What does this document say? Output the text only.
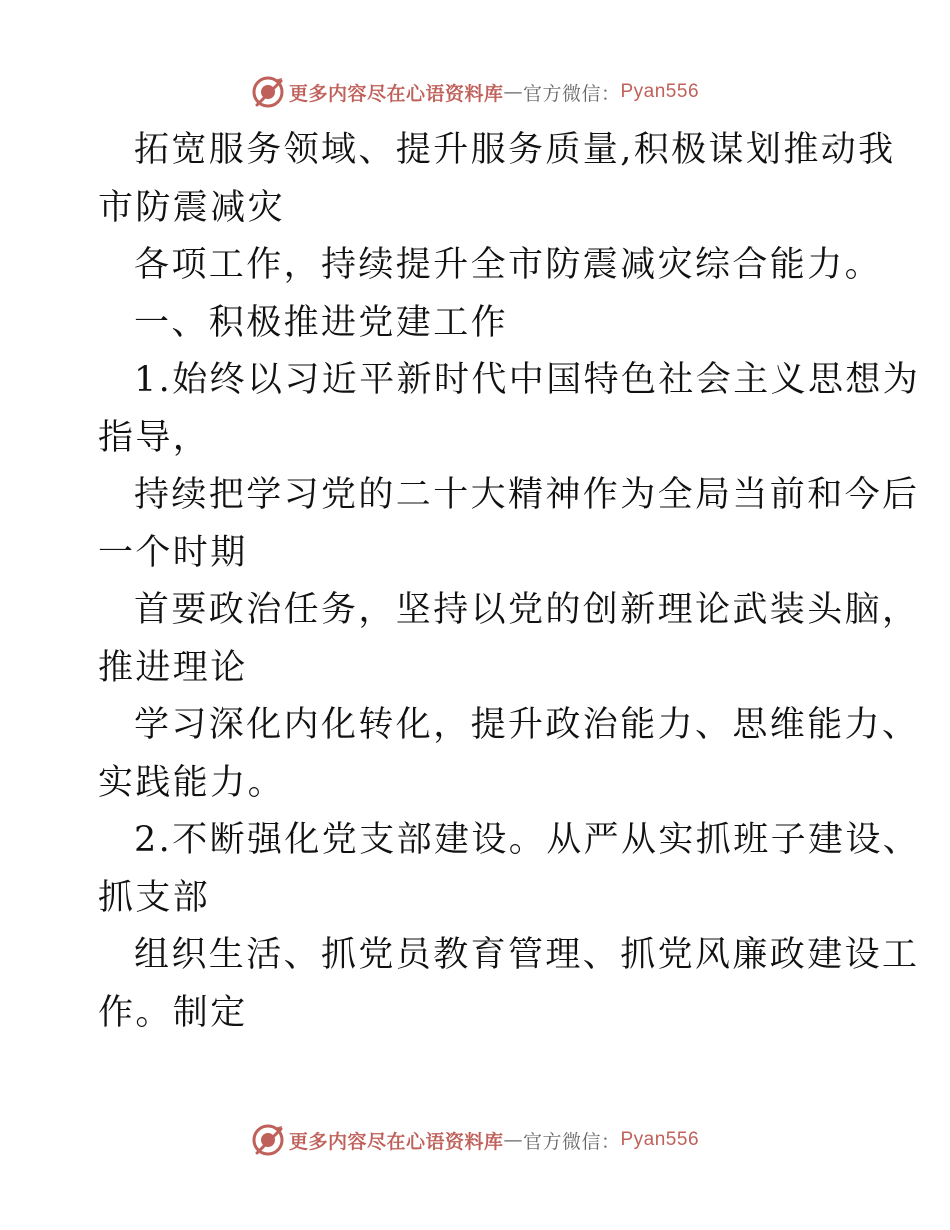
更多内容尽在心语资料库 — 官方微信： Pyan556
拓宽服务领域、提升服务质量,积极谋划推动我
市防震减灾
各项工作，持续提升全市防震减灾综合能力。
一、积极推进党建工作
1.始终以习近平新时代中国特色社会主义思想为
指导，
持续把学习党的二十大精神作为全局当前和今后
一个时期
首要政治任务，坚持以党的创新理论武装头脑，
推进理论
学习深化内化转化，提升政治能力、思维能力、
实践能力。
2.不断强化党支部建设。从严从实抓班子建设、
抓支部
组织生活、抓党员教育管理、抓党风廉政建设工
作。制定
更多内容尽在心语资料库 — 官方微信： Pyan556
